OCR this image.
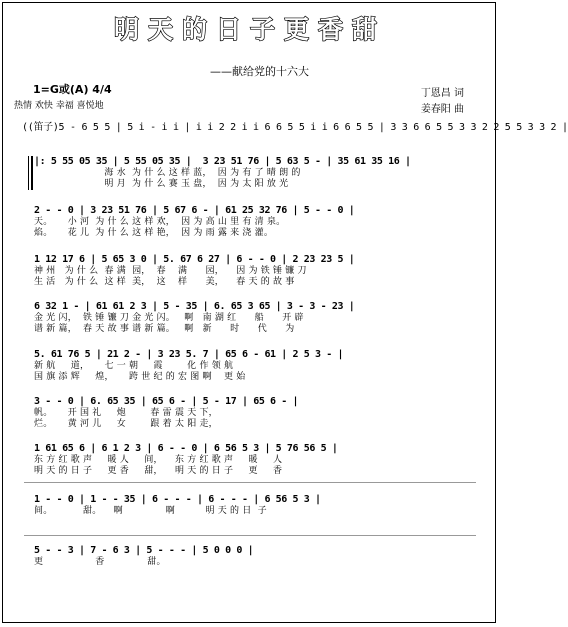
明天的日子更香甜
——献给党的十六大
1=G或(A) 4/4
热情 欢快 幸福 喜悦地
丁恩昌 词
姜春阳 曲
((笛子)5 - 6 5 5 | 5 i - i i | i i 2 2 i i 6 6 5 5 i i 6 6 5 5 | 3 3 6 6 5 5 3 3 2 2 5 5 3 3 2 |
|: 5 55 05 35 | 5 55 05 35 |  3 23 51 76 | 5 63 5 - | 35 61 35 16 |
海 水  为 什 么 这 样 蓝，  因 为 有 了 晴 朗 的
明 月  为 什 么 赛 玉 盘，  因 为 太 阳 放 光
2 - - 0 | 3 23 51 76 | 5 67 6 - | 61 25 32 76 | 5 - - 0 |
天。     小 河  为 什 么 这 样 欢，  因 为 高 山 里 有 清 泉。
焰。     花 儿  为 什 么 这 样 艳，  因 为 雨 露 来 浇 灌。
1 12 17 6 | 5 65 3 0 | 5. 67 6 27 | 6 - - 0 | 2 23 23 5 |
神 州   为 什 么  春 满  园，  春    满      园，    因 为 铁 锤 镰 刀
生 活   为 什 么  这 样  美，  这    样      美，    春 天 的 故 事
6 32 1 - | 61 61 2 3 | 5 - 35 | 6. 65 3 65 | 3 - 3 - 23 |
金 光 闪，  铁 锤 镰 刀 金 光 闪。   啊   南 湖 红      船      开 辟
谱 新 篇，  春 天 故 事 谱 新 篇。   啊   新      时      代      为
5. 61 76 5 | 21 2 - | 3 23 5. 7 | 65 6 - 61 | 2 5 3 - |
新 航     道，     七 一 朝     霞        化 作 领 航
国 旗 添 辉     煌，     跨 世 纪 的 宏 图 啊    更 始
3 - - 0 | 6. 65 35 | 65 6 - | 5 - 17 | 65 6 - |
帆。     开 国 礼     炮        春 雷 震 天 下，
烂。     黄 河 儿     女        跟 着 太 阳 走，
1 61 65 6 | 6 1 2 3 | 6 - - 0 | 6 56 5 3 | 5 76 56 5 |
东 方 红 歌 声     暖 人     间，    东 方 红 歌 声     暖     人
明 天 的 日 子     更 香     甜，    明 天 的 日 子     更     香
1 - - 0 | 1 - - 35 | 6 - - - | 6 - - - | 6 56 5 3 |
间。          甜。    啊              啊          明 天 的 日  子
5 - - 3 | 7 - 6 3 | 5 - - - | 5 0 0 0 |
更                 香              甜。
